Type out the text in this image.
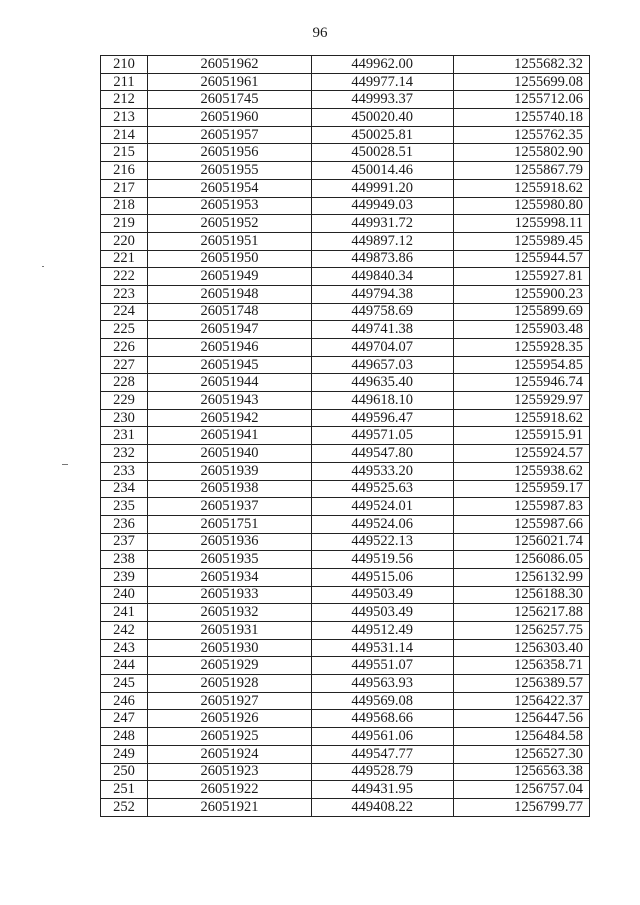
96
210	26051962	449962.00	1255682.32
211	26051961	449977.14	1255699.08
212	26051745	449993.37	1255712.06
213	26051960	450020.40	1255740.18
214	26051957	450025.81	1255762.35
215	26051956	450028.51	1255802.90
216	26051955	450014.46	1255867.79
217	26051954	449991.20	1255918.62
218	26051953	449949.03	1255980.80
219	26051952	449931.72	1255998.11
220	26051951	449897.12	1255989.45
221	26051950	449873.86	1255944.57
222	26051949	449840.34	1255927.81
223	26051948	449794.38	1255900.23
224	26051748	449758.69	1255899.69
225	26051947	449741.38	1255903.48
226	26051946	449704.07	1255928.35
227	26051945	449657.03	1255954.85
228	26051944	449635.40	1255946.74
229	26051943	449618.10	1255929.97
230	26051942	449596.47	1255918.62
231	26051941	449571.05	1255915.91
232	26051940	449547.80	1255924.57
233	26051939	449533.20	1255938.62
234	26051938	449525.63	1255959.17
235	26051937	449524.01	1255987.83
236	26051751	449524.06	1255987.66
237	26051936	449522.13	1256021.74
238	26051935	449519.56	1256086.05
239	26051934	449515.06	1256132.99
240	26051933	449503.49	1256188.30
241	26051932	449503.49	1256217.88
242	26051931	449512.49	1256257.75
243	26051930	449531.14	1256303.40
244	26051929	449551.07	1256358.71
245	26051928	449563.93	1256389.57
246	26051927	449569.08	1256422.37
247	26051926	449568.66	1256447.56
248	26051925	449561.06	1256484.58
249	26051924	449547.77	1256527.30
250	26051923	449528.79	1256563.38
251	26051922	449431.95	1256757.04
252	26051921	449408.22	1256799.77
